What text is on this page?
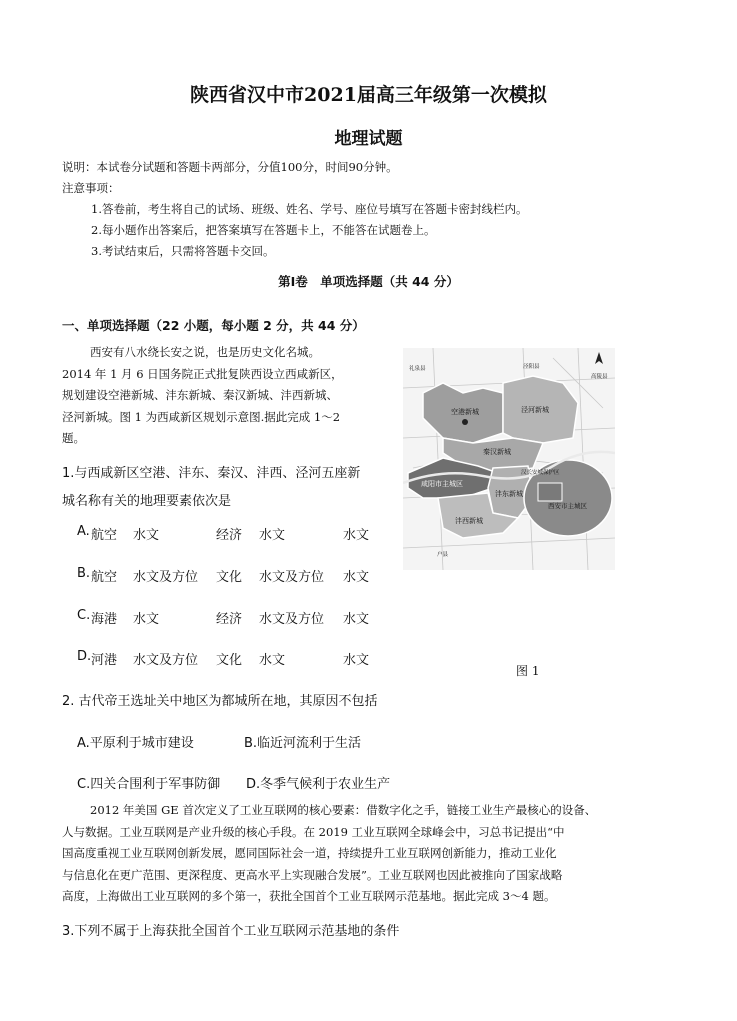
陕西省汉中市2021届高三年级第一次模拟
地理试题
说明：本试卷分试题和答题卡两部分，分值100分，时间90分钟。
注意事项：
1.答卷前，考生将自己的试场、班级、姓名、学号、座位号填写在答题卡密封线栏内。
2.每小题作出答案后，把答案填写在答题卡上，不能答在试题卷上。
3.考试结束后，只需将答题卡交回。
第Ⅰ卷　单项选择题（共 44 分）
一、单项选择题（22 小题，每小题 2 分，共 44 分）

西安有八水绕长安之说，也是历史文化名城。

2014 年 1 月 6 日国务院正式批复陕西设立西咸新区，

规划建设空港新城、沣东新城、秦汉新城、沣西新城、

泾河新城。图 1 为西咸新区规划示意图.据此完成 1～2

题。

空港新城	泾河新城
秦汉新城
咸阳市主城区
沣东新城
沣西新城
西安市主城区
汉长安城保护区
高陵县
户县
礼泉县	泾阳县
图 1
1.与西咸新区空港、沣东、秦汉、沣西、泾河五座新
城名称有关的地理要素依次是
A. 航空 水文	经济 水文	水文
B. 航空 水文及方位 文化 水文及方位 水文
C. 海港 水文	经济 水文及方位 水文
D. 河港 水文及方位 文化 水文	水文
2. 古代帝王选址关中地区为都城所在地，其原因不包括
A.平原利于城市建设	B.临近河流利于生活
C.四关合围利于军事防御 D.冬季气候利于农业生产

2012 年美国 GE 首次定义了工业互联网的核心要素：借数字化之手，链接工业生产最核心的设备、

人与数据。工业互联网是产业升级的核心手段。在 2019 工业互联网全球峰会中，习总书记提出“中

国高度重视工业互联网创新发展，愿同国际社会一道，持续提升工业互联网创新能力，推动工业化

与信息化在更广范围、更深程度、更高水平上实现融合发展”。工业互联网也因此被推向了国家战略

高度，上海做出工业互联网的多个第一，获批全国首个工业互联网示范基地。据此完成 3～4 题。

3.下列不属于上海获批全国首个工业互联网示范基地的条件
